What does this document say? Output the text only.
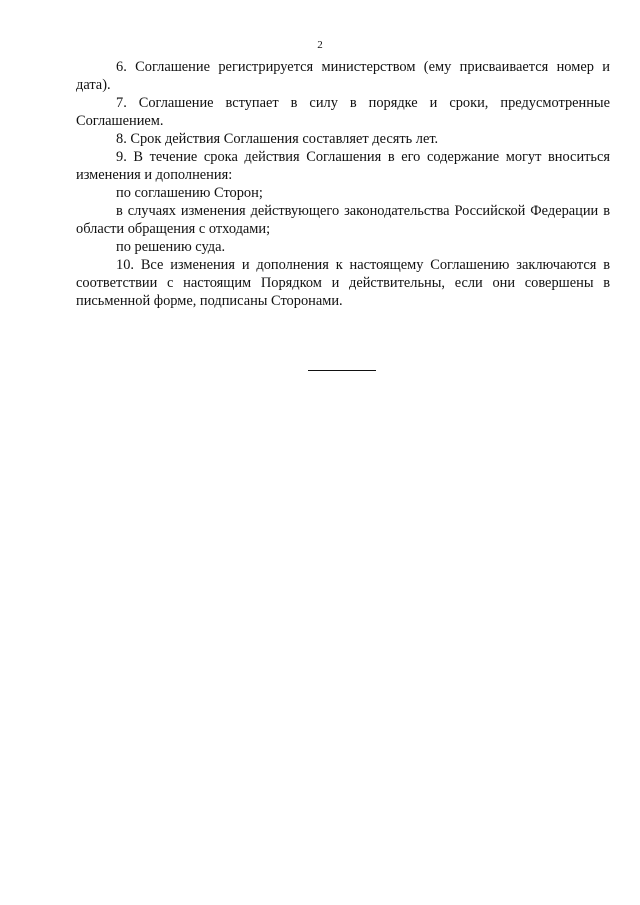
2

6. Соглашение регистрируется министерством (ему присваивается номер и дата).

7. Соглашение вступает в силу в порядке и сроки, предусмотренные Соглашением.

8. Срок действия Соглашения составляет десять лет.

9. В течение срока действия Соглашения в его содержание могут вноситься изменения и дополнения:

по соглашению Сторон;

в случаях изменения действующего законодательства Российской Федерации в области обращения с отходами;

по решению суда.

10. Все изменения и дополнения к настоящему Соглашению заключаются в соответствии с настоящим Порядком и действительны, если они совершены в письменной форме, подписаны Сторонами.
